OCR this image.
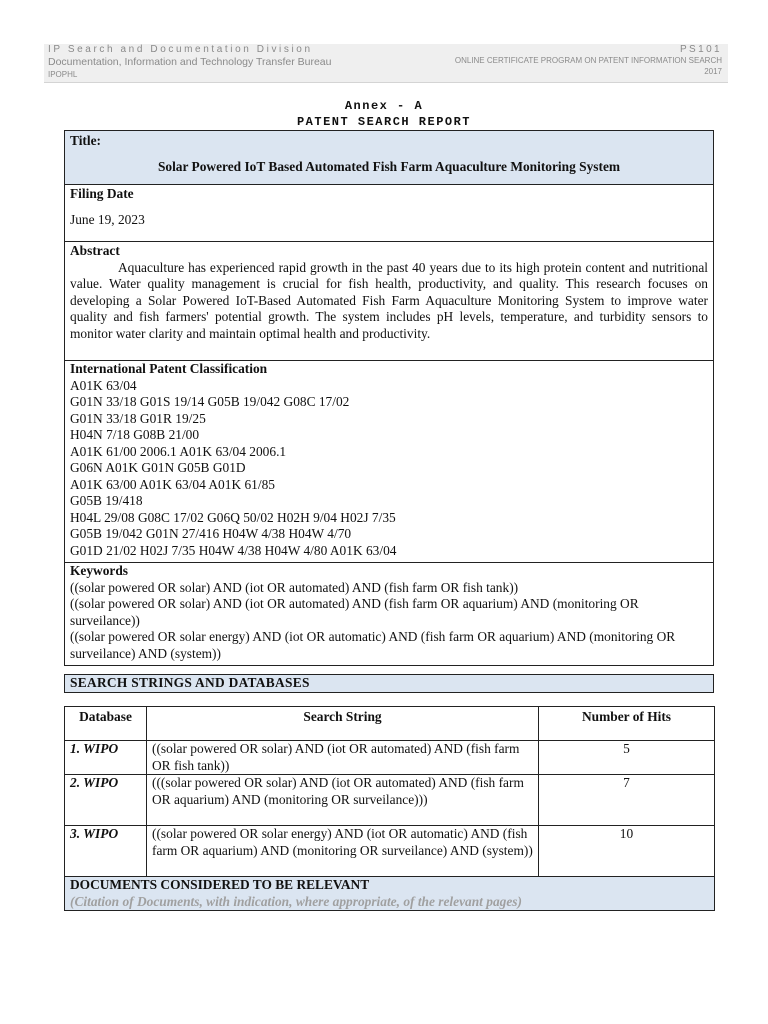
IP Search and Documentation Division
Documentation, Information and Technology Transfer Bureau
IPOPHL
PS101
ONLINE CERTIFICATE PROGRAM ON PATENT INFORMATION SEARCH
2017
Annex - A
PATENT SEARCH REPORT
Title:
Solar Powered IoT Based Automated Fish Farm Aquaculture Monitoring System

Filing Date
June 19, 2023

Abstract
Aquaculture has experienced rapid growth in the past 40 years due to its high protein content and nutritional value. Water quality management is crucial for fish health, productivity, and quality. This research focuses on developing a Solar Powered IoT-Based Automated Fish Farm Aquaculture Monitoring System to improve water quality and fish farmers' potential growth. The system includes pH levels, temperature, and turbidity sensors to monitor water clarity and maintain optimal health and productivity.

International Patent Classification
A01K 63/04
G01N 33/18 G01S 19/14 G05B 19/042 G08C 17/02
G01N 33/18 G01R 19/25
H04N 7/18 G08B 21/00
A01K 61/00 2006.1 A01K 63/04 2006.1
G06N A01K G01N G05B G01D
A01K 63/00 A01K 63/04 A01K 61/85
G05B 19/418
H04L 29/08 G08C 17/02 G06Q 50/02 H02H 9/04 H02J 7/35
G05B 19/042 G01N 27/416 H04W 4/38 H04W 4/70
G01D 21/02 H02J 7/35 H04W 4/38 H04W 4/80 A01K 63/04

Keywords
((solar powered OR solar) AND (iot OR automated) AND (fish farm OR fish tank))
((solar powered OR solar) AND (iot OR automated) AND (fish farm OR aquarium) AND (monitoring OR surveilance))
((solar powered OR solar energy) AND (iot OR automatic) AND (fish farm OR aquarium) AND (monitoring OR surveilance) AND (system))
SEARCH STRINGS AND DATABASES
Database	Search String	Number of Hits
1. WIPO	((solar powered OR solar) AND (iot OR automated) AND (fish farm OR fish tank))	5
2. WIPO	(((solar powered OR solar) AND (iot OR automated) AND (fish farm OR aquarium) AND (monitoring OR surveilance)))	7
3. WIPO	((solar powered OR solar energy) AND (iot OR automatic) AND (fish farm OR aquarium) AND (monitoring OR surveilance) AND (system))	10

DOCUMENTS CONSIDERED TO BE RELEVANT
(Citation of Documents, with indication, where appropriate, of the relevant pages)		
